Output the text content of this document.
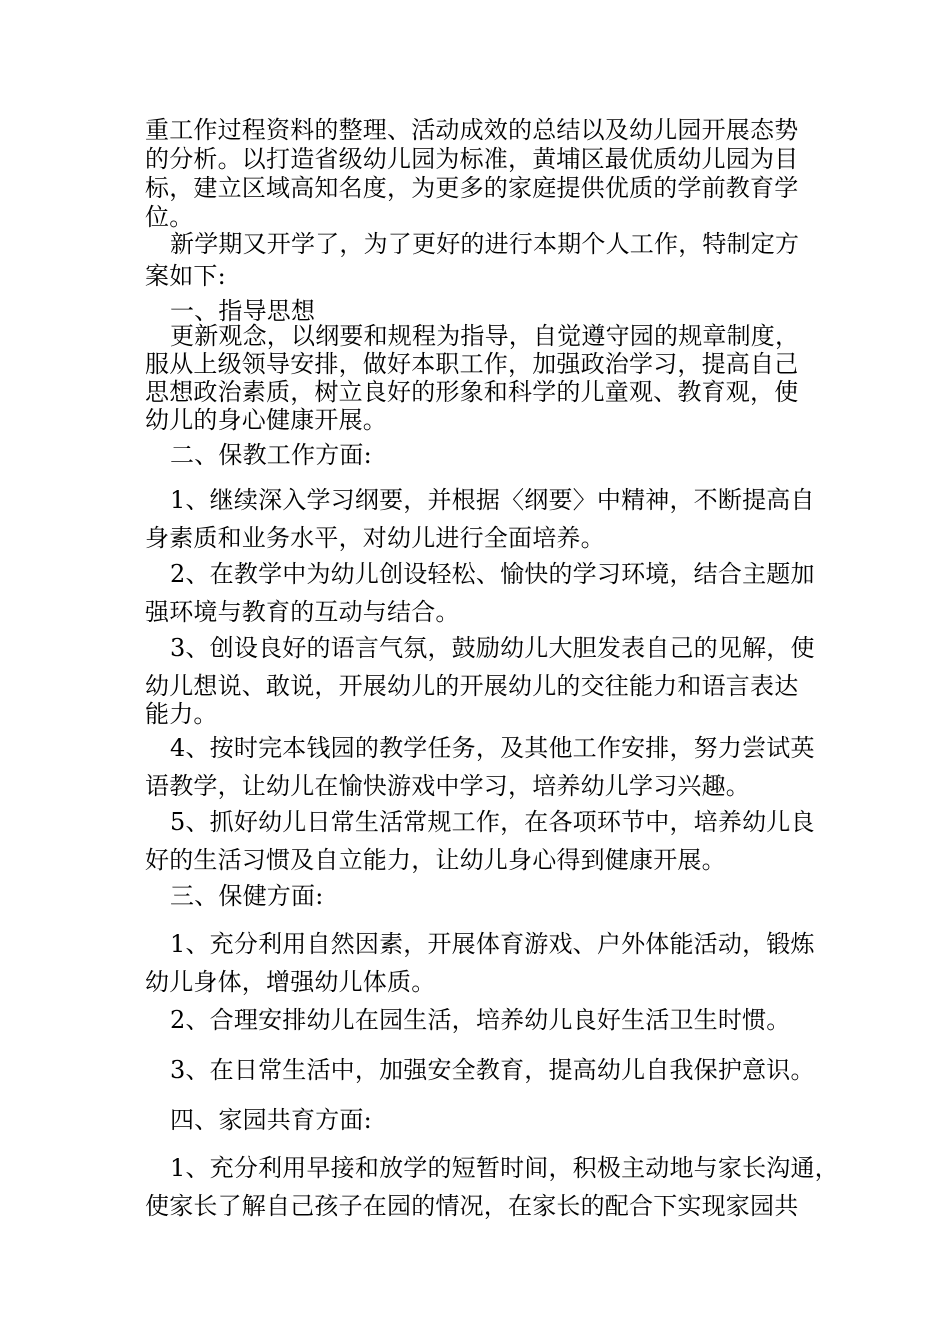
重工作过程资料的整理、活动成效的总结以及幼儿园开展态势
的分析。以打造省级幼儿园为标准，黄埔区最优质幼儿园为目
标，建立区域高知名度，为更多的家庭提供优质的学前教育学
位。
新学期又开学了，为了更好的进行本期个人工作，特制定方
案如下:
一、指导思想
更新观念，以纲要和规程为指导，自觉遵守园的规章制度，
服从上级领导安排，做好本职工作，加强政治学习，提高自己
思想政治素质，树立良好的形象和科学的儿童观、教育观，使
幼儿的身心健康开展。
二、保教工作方面:
1、继续深入学习纲要，并根据〈纲要〉中精神，不断提高自
身素质和业务水平，对幼儿进行全面培养。
2、在教学中为幼儿创设轻松、愉快的学习环境，结合主题加
强环境与教育的互动与结合。
3、创设良好的语言气氛，鼓励幼儿大胆发表自己的见解，使
幼儿想说、敢说，开展幼儿的开展幼儿的交往能力和语言表达
能力。
4、按时完本钱园的教学任务，及其他工作安排，努力尝试英
语教学，让幼儿在愉快游戏中学习，培养幼儿学习兴趣。
5、抓好幼儿日常生活常规工作，在各项环节中，培养幼儿良
好的生活习惯及自立能力，让幼儿身心得到健康开展。
三、保健方面:
1、充分利用自然因素，开展体育游戏、户外体能活动，锻炼
幼儿身体，增强幼儿体质。
2、合理安排幼儿在园生活，培养幼儿良好生活卫生时惯。
3、在日常生活中，加强安全教育，提高幼儿自我保护意识。
四、家园共育方面:
1、充分利用早接和放学的短暂时间，积极主动地与家长沟通，
使家长了解自己孩子在园的情况，在家长的配合下实现家园共
